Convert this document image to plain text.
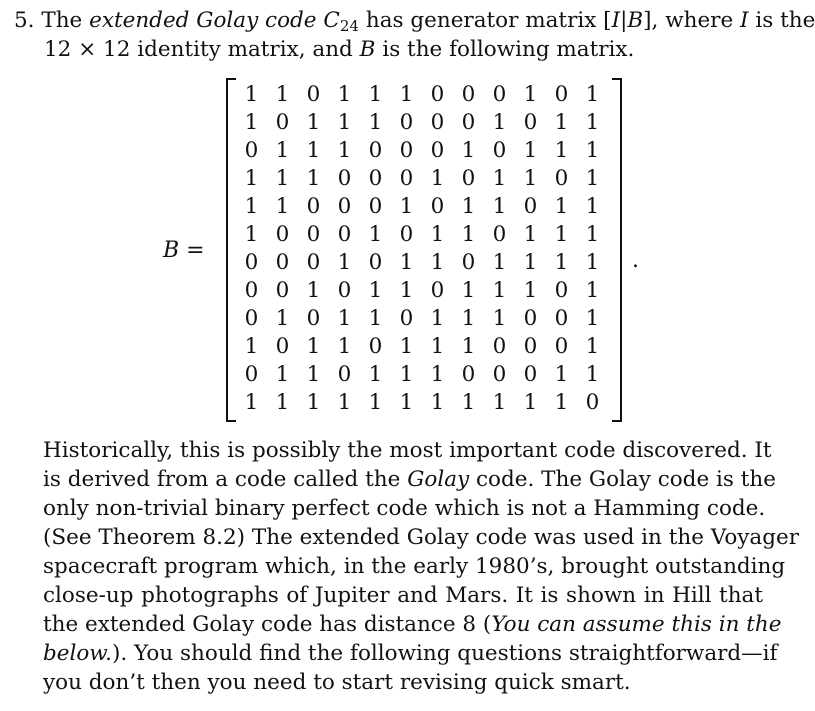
5. The extended Golay code $C_{24}$ has generator matrix [I|B], where I is the
12 × 12 identity matrix, and B is the following matrix.
B =
1	1	0	1	1	1	0	0	0	1	0	1
1	0	1	1	1	0	0	0	1	0	1	1
0	1	1	1	0	0	0	1	0	1	1	1
1	1	1	0	0	0	1	0	1	1	0	1
1	1	0	0	0	1	0	1	1	0	1	1
1	0	0	0	1	0	1	1	0	1	1	1
0	0	0	1	0	1	1	0	1	1	1	1
0	0	1	0	1	1	0	1	1	1	0	1
0	1	0	1	1	0	1	1	1	0	0	1
1	0	1	1	0	1	1	1	0	0	0	1
0	1	1	0	1	1	1	0	0	0	1	1
1	1	1	1	1	1	1	1	1	1	1	0
.
Historically, this is possibly the most important code discovered. It
is derived from a code called the Golay code. The Golay code is the
only non-trivial binary perfect code which is not a Hamming code.
(See Theorem 8.2) The extended Golay code was used in the Voyager
spacecraft program which, in the early 1980’s, brought outstanding
close-up photographs of Jupiter and Mars. It is shown in Hill that
the extended Golay code has distance 8 (You can assume this in the
below.). You should find the following questions straightforward—if
you don’t then you need to start revising quick smart.
